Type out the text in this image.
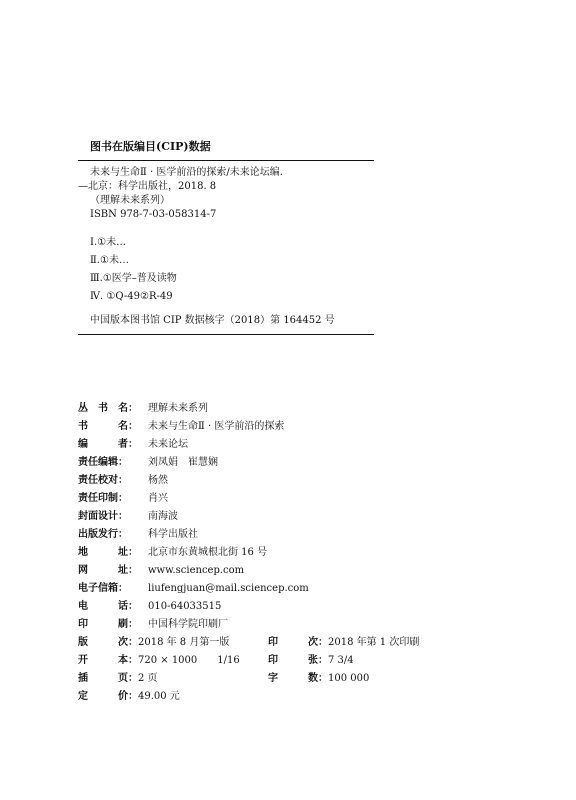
图书在版编目(CIP)数据
未来与生命Ⅱ · 医学前沿的探索/未来论坛编.
—北京：科学出版社，2018. 8
（理解未来系列）
ISBN 978-7-03-058314-7
Ⅰ.①未…
Ⅱ.①未…
Ⅲ.①医学–普及读物
Ⅳ. ①Q-49②R-49
中国版本图书馆 CIP 数据核字（2018）第 164452 号
丛　书　名： 理解未来系列
书　　　名： 未来与生命Ⅱ · 医学前沿的探索
编　　　者： 未来论坛
责任编辑： 刘凤娟　崔慧娴
责任校对： 杨然
责任印制： 肖兴
封面设计： 南海波
出版发行： 科学出版社
地　　　址： 北京市东黄城根北街 16 号
网　　　址： www.sciencep.com
电子信箱： liufengjuan@mail.sciencep.com
电　　　话： 010-64033515
印　　　刷： 中国科学院印刷厂
版　　　次：2018 年 8 月第一版	印　　　次：2018 年第 1 次印刷
开　　　本：720 × 1000　　1/16	印　　　张：7 3/4
插　　　页：2 页	字　　　数：100 000
定　　　价：49.00 元
